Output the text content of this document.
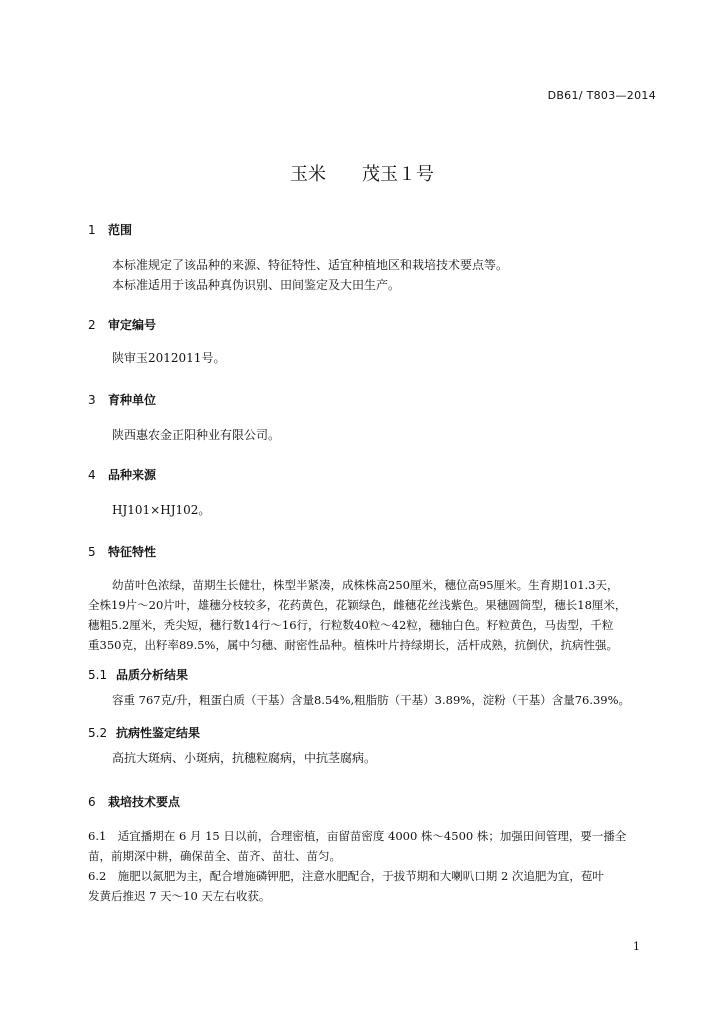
DB61/ T803—2014
玉米 茂玉１号
1 范围
本标准规定了该品种的来源、特征特性、适宜种植地区和栽培技术要点等。
本标准适用于该品种真伪识别、田间鉴定及大田生产。
2 审定编号
陕审玉2012011号。
3 育种单位
陕西惠农金正阳种业有限公司。
4 品种来源
HJ101×HJ102。
5 特征特性
幼苗叶色浓绿，苗期生长健壮，株型半紧凑，成株株高250厘米，穗位高95厘米。生育期101.3天，
全株19片～20片叶，雄穗分枝较多，花药黄色，花颖绿色，雌穗花丝浅紫色。果穗圆筒型，穗长18厘米，
穗粗5.2厘米，秃尖短，穗行数14行～16行，行粒数40粒～42粒，穗轴白色。籽粒黄色，马齿型，千粒
重350克，出籽率89.5%，属中匀穗、耐密性品种。植株叶片持绿期长，活杆成熟，抗倒伏，抗病性强。
5.1 品质分析结果
容重 767克/升，粗蛋白质（干基）含量8.54%,粗脂肪（干基）3.89%，淀粉（干基）含量76.39%。
5.2 抗病性鉴定结果
高抗大斑病、小斑病，抗穗粒腐病，中抗茎腐病。
6 栽培技术要点
6.1　适宜播期在 6 月 15 日以前，合理密植，亩留苗密度 4000 株～4500 株；加强田间管理，要一播全
苗，前期深中耕，确保苗全、苗齐、苗壮、苗匀。
6.2　施肥以氮肥为主，配合增施磷钾肥，注意水肥配合，于拔节期和大喇叭口期 2 次追肥为宜，苞叶
发黄后推迟 7 天～10 天左右收获。
1
